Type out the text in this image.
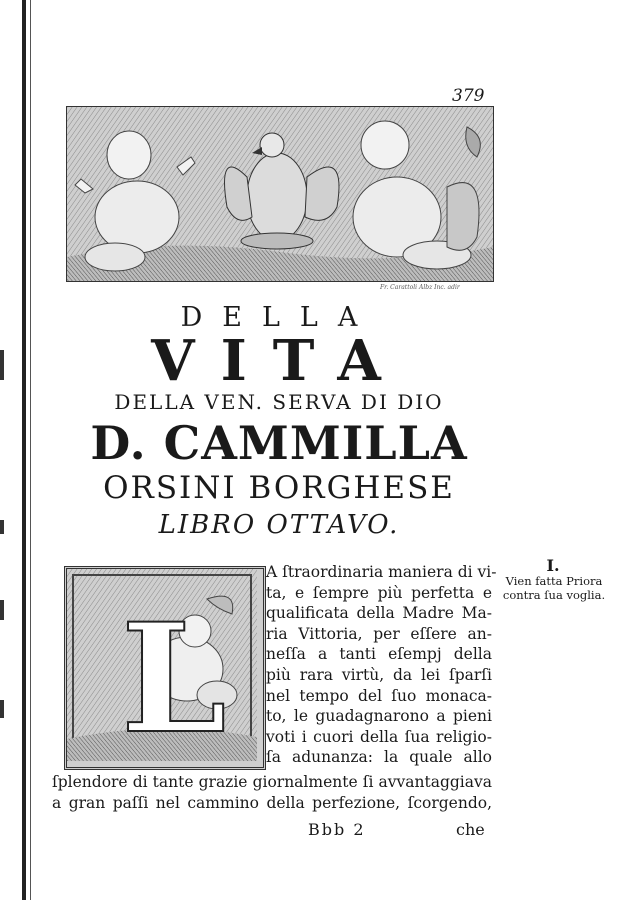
379
Fr. Carattoli Albz Inc. adir
DELLA
VITA
DELLA VEN. SERVA DI DIO
D. CAMMILLA
ORSINI BORGHESE
LIBRO OTTAVO.
L
A ſtraordinaria maniera di vi-
ta, e ſempre più perfetta e
qualificata della Madre Ma-
ria Vittoria, per eſſere an-
neſſa a tanti eſempj della
più rara virtù, da lei ſparſi
nel tempo del ſuo monaca-
to, le guadagnarono a pieni
voti i cuori della ſua religio-
ſa adunanza: la quale allo
ſplendore di tante grazie giornalmente ſi avvantaggiava
a gran paſſi nel cammino della perfezione, ſcorgendo,
Bbb 2	che
I.
Vien fatta Priora
contra ſua voglia.
